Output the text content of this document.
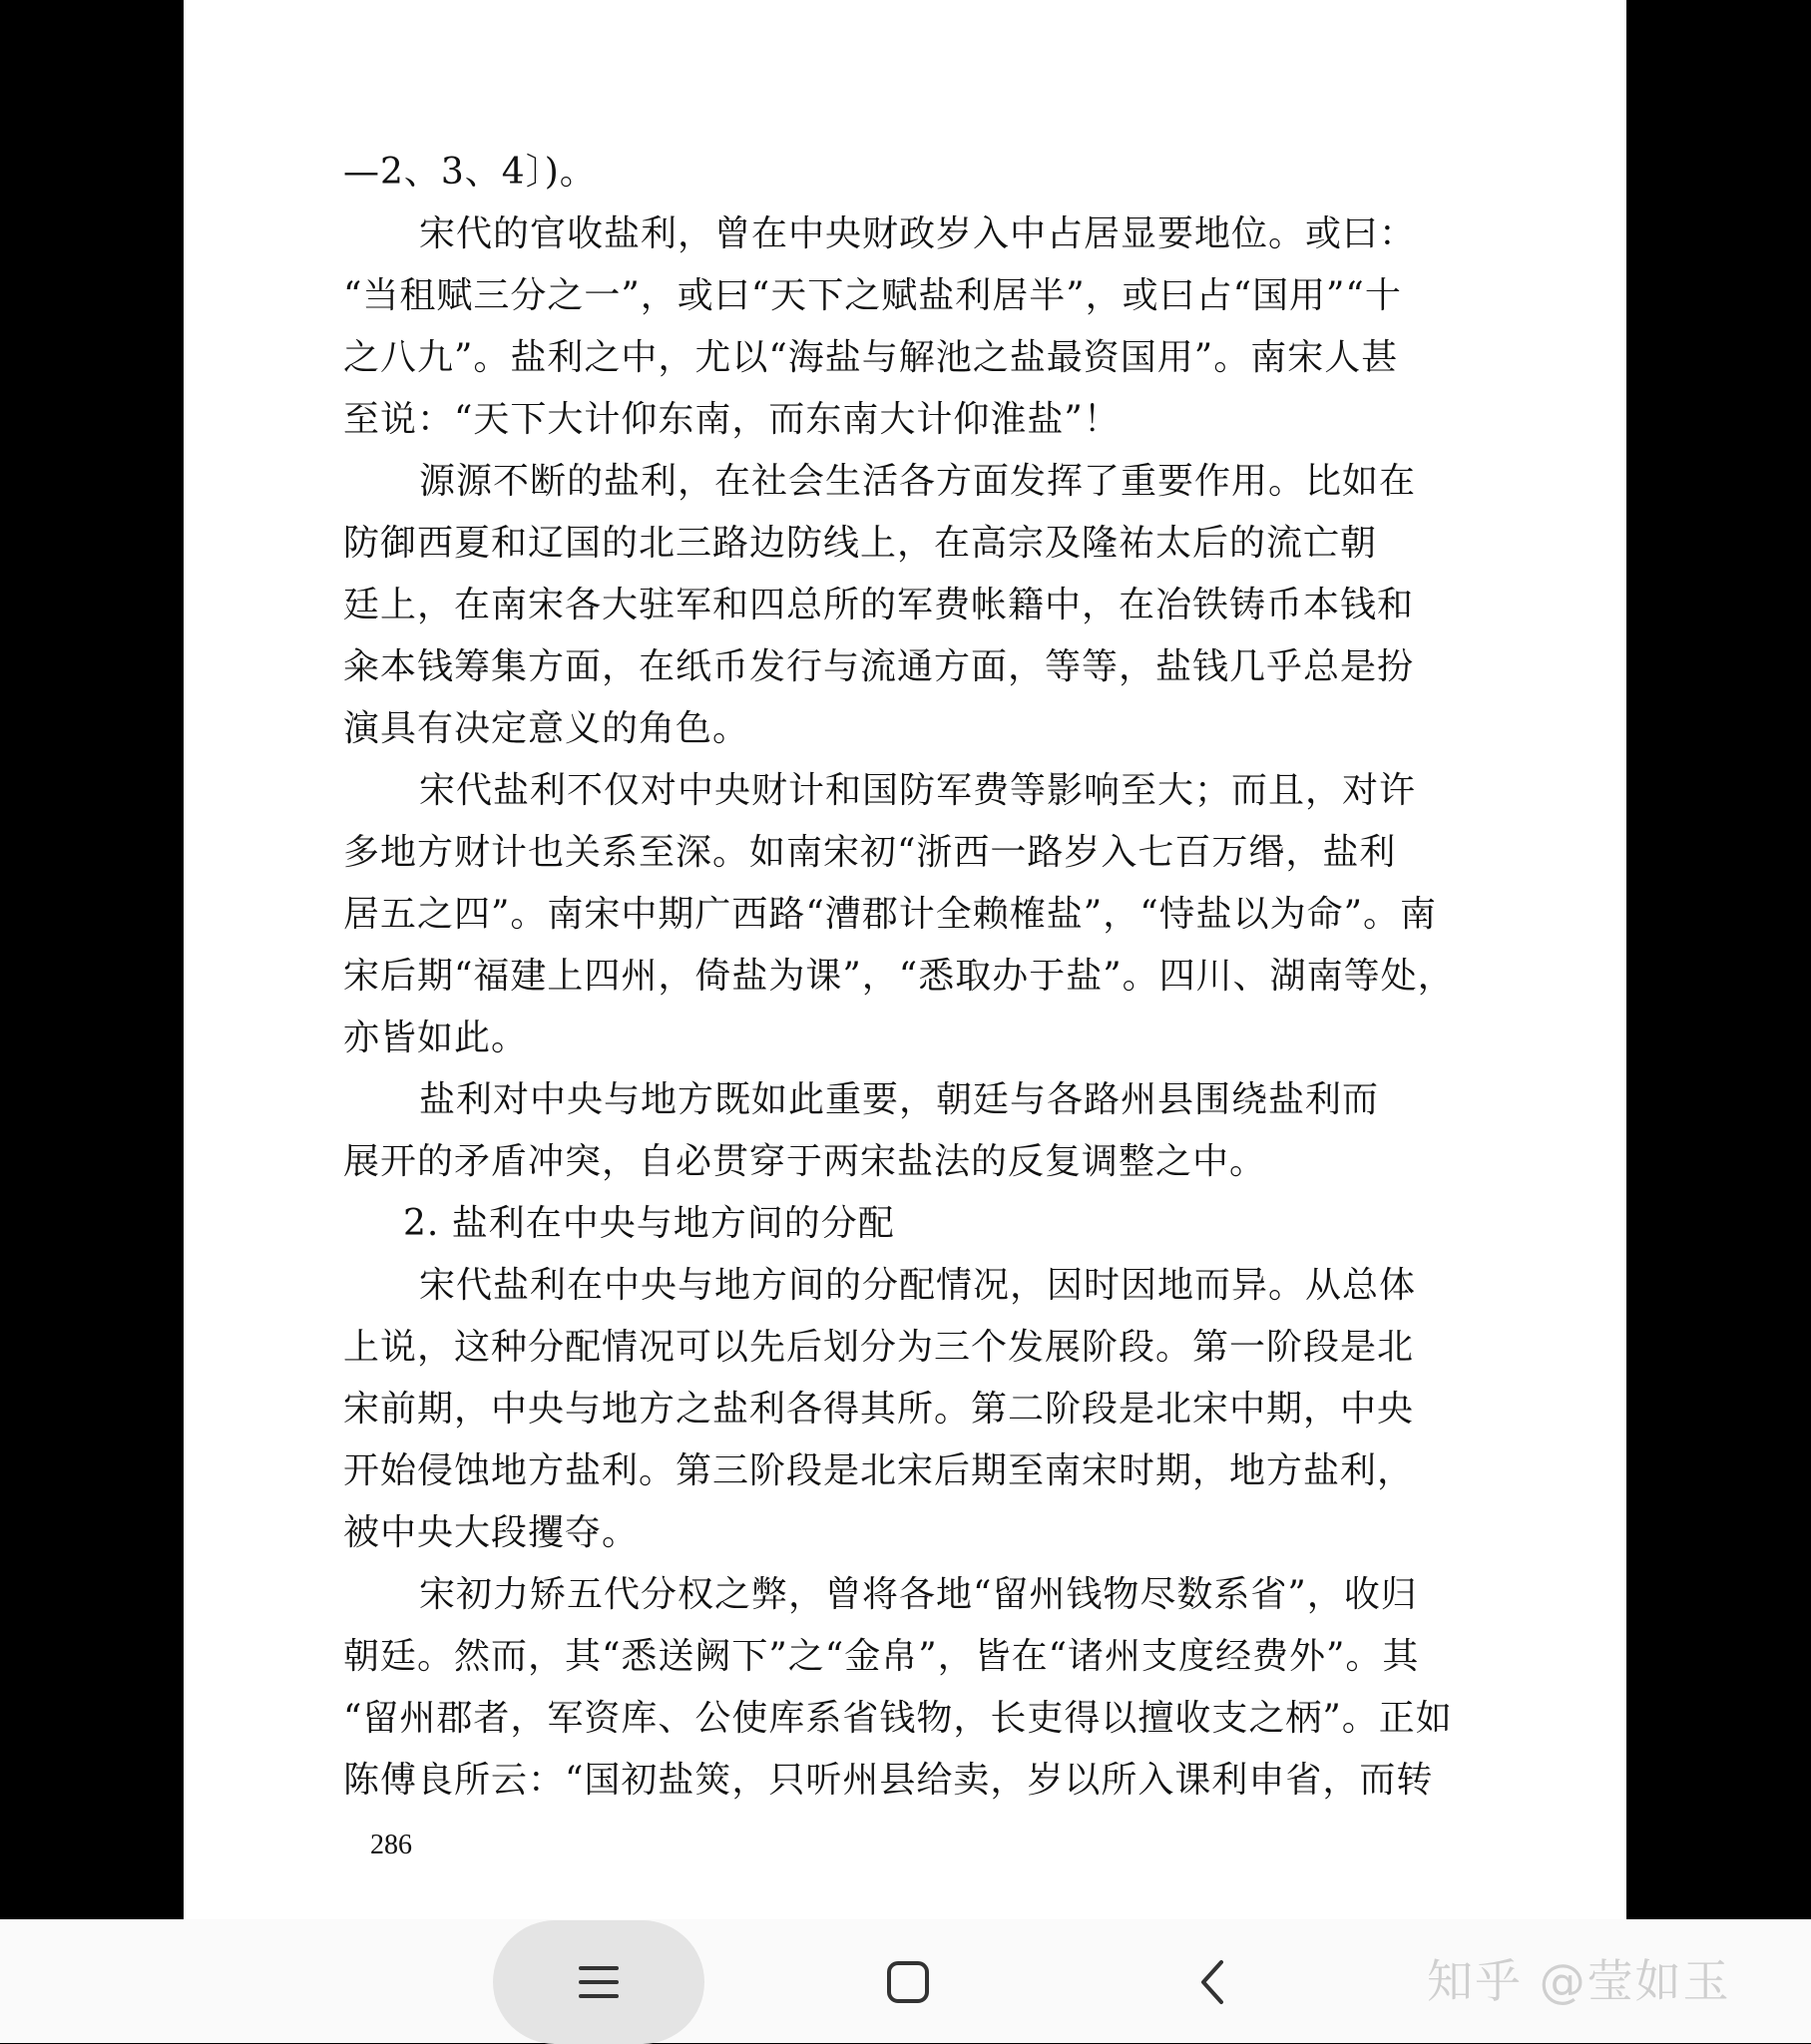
—2、3、4〕)。
宋代的官收盐利，曾在中央财政岁入中占居显要地位。或曰：
“当租赋三分之一”，或曰“天下之赋盐利居半”，或曰占“国用”“十
之八九”。盐利之中，尤以“海盐与解池之盐最资国用”。南宋人甚
至说：“天下大计仰东南，而东南大计仰淮盐”！
源源不断的盐利，在社会生活各方面发挥了重要作用。比如在
防御西夏和辽国的北三路边防线上，在高宗及隆祐太后的流亡朝
廷上，在南宋各大驻军和四总所的军费帐籍中，在冶铁铸币本钱和
籴本钱筹集方面，在纸币发行与流通方面，等等，盐钱几乎总是扮
演具有决定意义的角色。
宋代盐利不仅对中央财计和国防军费等影响至大；而且，对许
多地方财计也关系至深。如南宋初“浙西一路岁入七百万缗，盐利
居五之四”。南宋中期广西路“漕郡计全赖榷盐”，“恃盐以为命”。南
宋后期“福建上四州，倚盐为课”，“悉取办于盐”。四川、湖南等处，
亦皆如此。
盐利对中央与地方既如此重要，朝廷与各路州县围绕盐利而
展开的矛盾冲突，自必贯穿于两宋盐法的反复调整之中。
2. 盐利在中央与地方间的分配
宋代盐利在中央与地方间的分配情况，因时因地而异。从总体
上说，这种分配情况可以先后划分为三个发展阶段。第一阶段是北
宋前期，中央与地方之盐利各得其所。第二阶段是北宋中期，中央
开始侵蚀地方盐利。第三阶段是北宋后期至南宋时期，地方盐利，
被中央大段攫夺。
宋初力矫五代分权之弊，曾将各地“留州钱物尽数系省”，收归
朝廷。然而，其“悉送阙下”之“金帛”，皆在“诸州支度经费外”。其
“留州郡者，军资库、公使库系省钱物，长吏得以擅收支之柄”。正如
陈傅良所云：“国初盐筴，只听州县给卖，岁以所入课利申省，而转
286
知乎 @莹如玉
